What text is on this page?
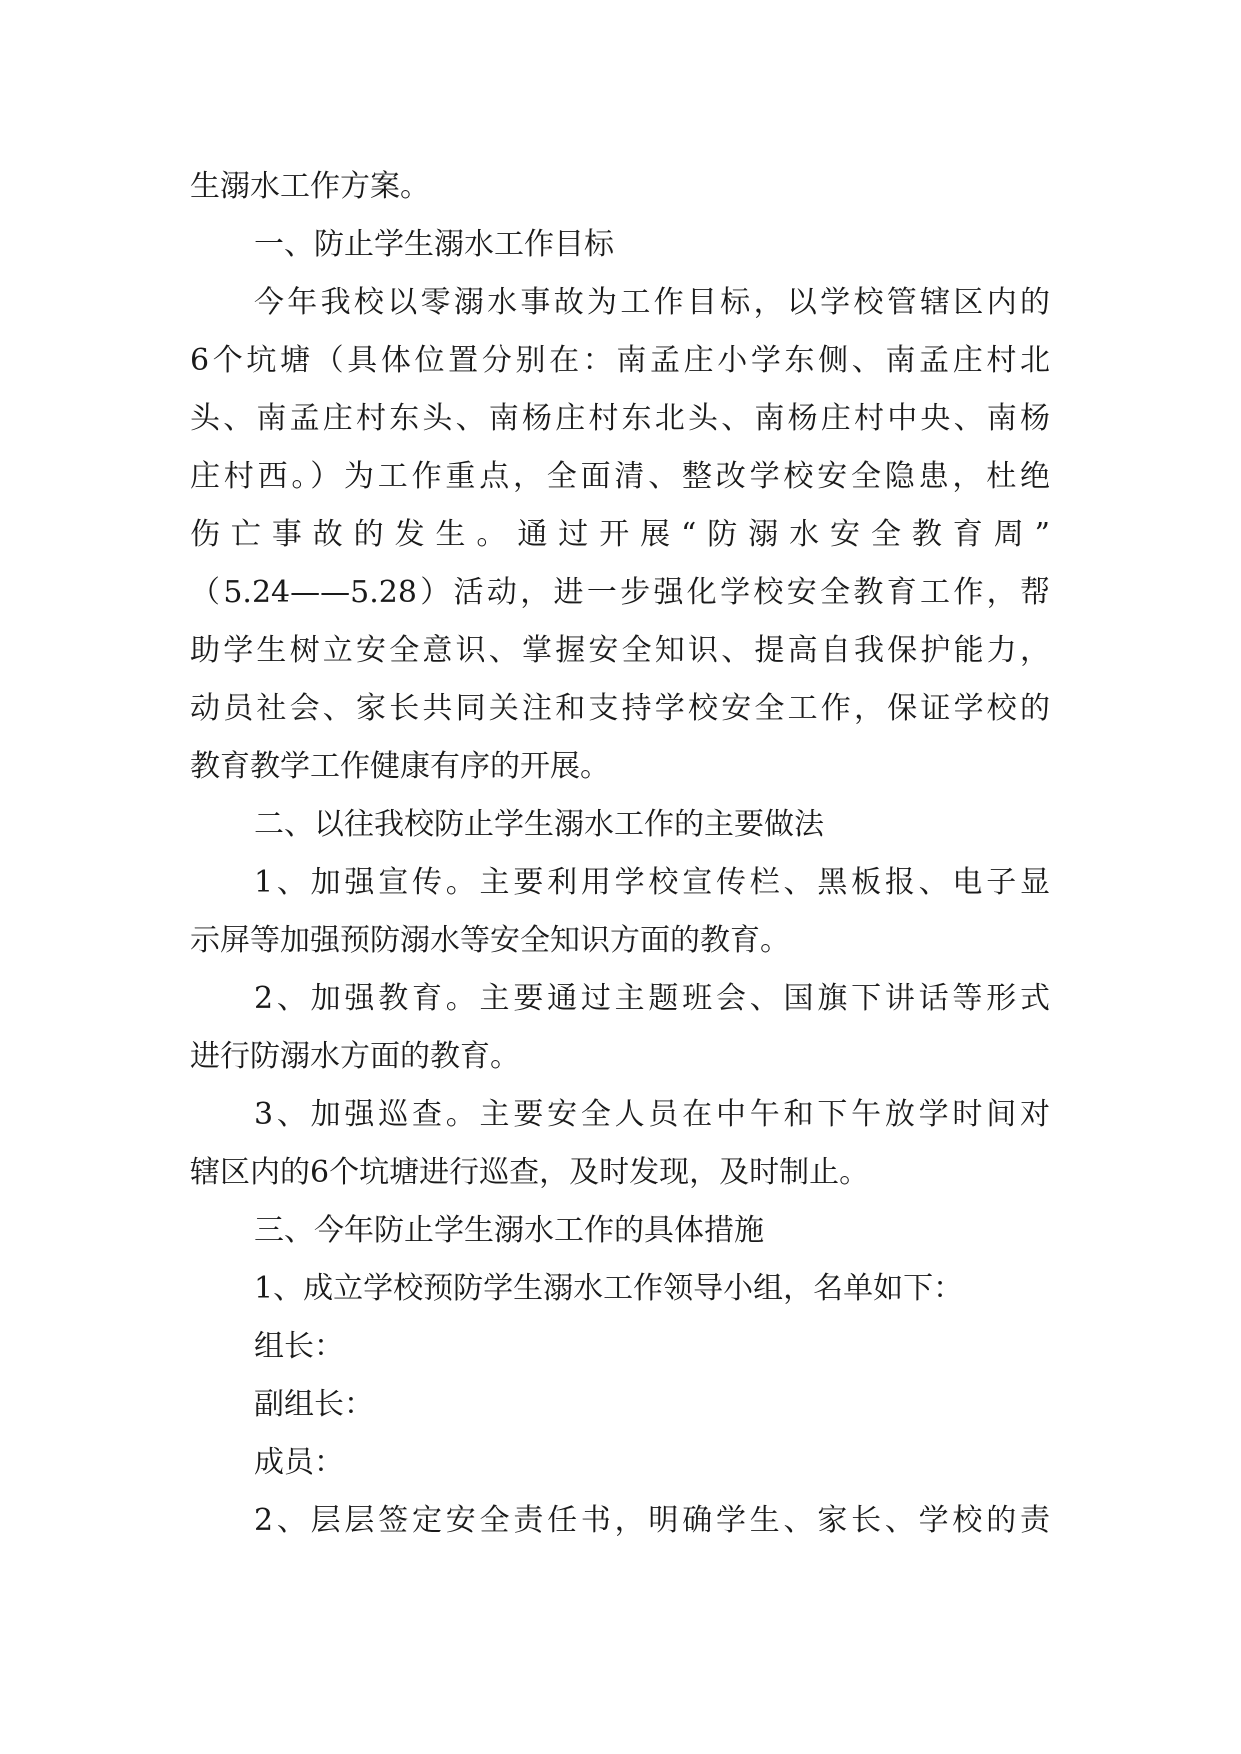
生溺水工作方案。
一、防止学生溺水工作目标
今年我校以零溺水事故为工作目标，以学校管辖区内的
6个坑塘（具体位置分别在：南孟庄小学东侧、南孟庄村北
头、南孟庄村东头、南杨庄村东北头、南杨庄村中央、南杨
庄村西。）为工作重点，全面清、整改学校安全隐患，杜绝
伤亡事故的发生。通过开展“防溺水安全教育周”
（5.24——5.28）活动，进一步强化学校安全教育工作，帮
助学生树立安全意识、掌握安全知识、提高自我保护能力，
动员社会、家长共同关注和支持学校安全工作，保证学校的
教育教学工作健康有序的开展。
二、以往我校防止学生溺水工作的主要做法
1、加强宣传。主要利用学校宣传栏、黑板报、电子显
示屏等加强预防溺水等安全知识方面的教育。
2、加强教育。主要通过主题班会、国旗下讲话等形式
进行防溺水方面的教育。
3、加强巡查。主要安全人员在中午和下午放学时间对
辖区内的6个坑塘进行巡查，及时发现，及时制止。
三、今年防止学生溺水工作的具体措施
1、成立学校预防学生溺水工作领导小组，名单如下：
组长：
副组长：
成员：
2、层层签定安全责任书，明确学生、家长、学校的责
